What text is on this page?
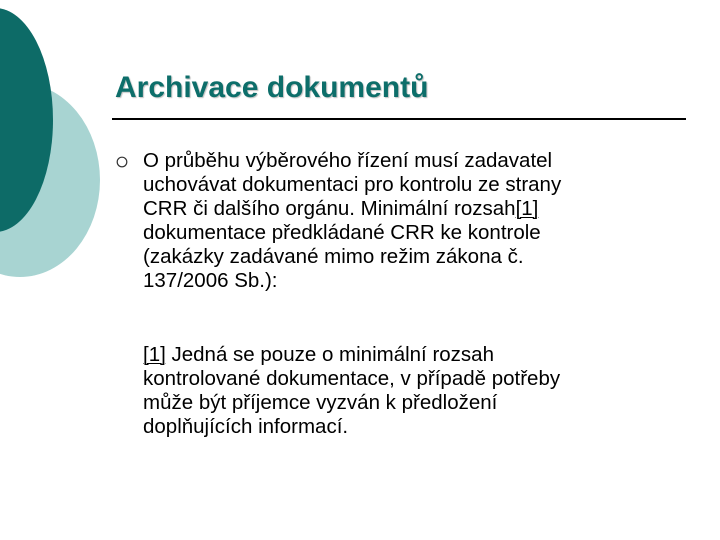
Archivace dokumentů

O průběhu výběrového řízení musí zadavatel
uchovávat dokumentaci pro kontrolu ze strany
CRR či dalšího orgánu. Minimální rozsah[1]
dokumentace předkládané CRR ke kontrole
(zakázky zadávané mimo režim zákona č.
137/2006 Sb.):

[1] Jedná se pouze o minimální rozsah
kontrolované dokumentace, v případě potřeby
může být příjemce vyzván k předložení
doplňujících informací.
